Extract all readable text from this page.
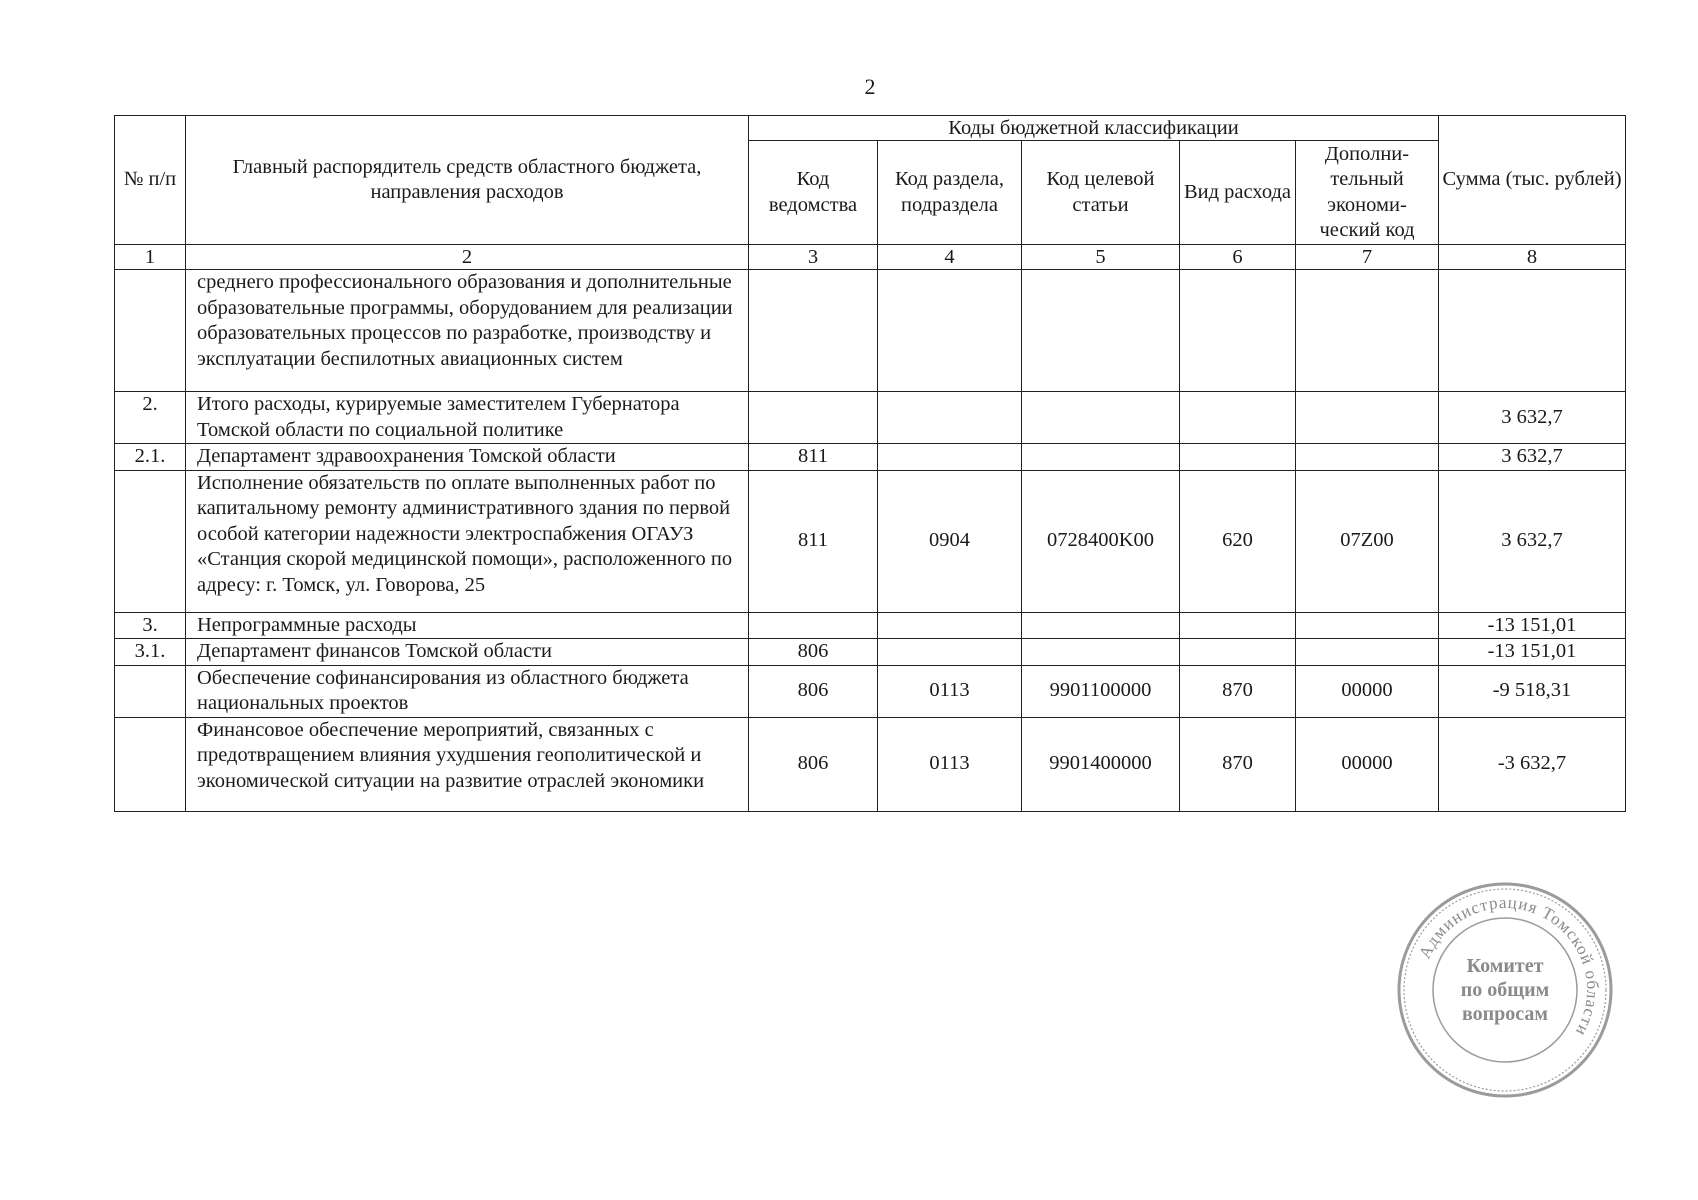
2
№ п/п	Главный распорядитель средств областного бюджета, направления расходов	Коды бюджетной классификации					Сумма (тыс. рублей)
		Код ведомства	Код раздела, подраздела	Код целевой статьи	Вид расхода	Дополни-тельный экономи-ческий код	
1	2	3	4	5	6	7	8
	среднего профессионального образования и дополнительные образовательные программы, оборудованием для реализации образовательных процессов по разработке, производству и эксплуатации беспилотных авиационных систем						
2.	Итого расходы, курируемые заместителем Губернатора Томской области по социальной политике						3 632,7
2.1.	Департамент здравоохранения Томской области	811					3 632,7
	Исполнение обязательств по оплате выполненных работ по капитальному ремонту административного здания по первой особой категории надежности электроспабжения ОГАУЗ «Станция скорой медицинской помощи», расположенного по адресу: г. Томск, ул. Говорова, 25	811	0904	0728400K00	620	07Z00	3 632,7
3.	Непрограммные расходы						-13 151,01
3.1.	Департамент финансов Томской области	806					-13 151,01
	Обеспечение софинансирования из областного бюджета национальных проектов	806	0113	9901100000	870	00000	-9 518,31
	Финансовое обеспечение мероприятий, связанных с предотвращением влияния ухудшения геополитической и экономической ситуации на развитие отраслей экономики	806	0113	9901400000	870	00000	-3 632,7
Администрация Томской области
Комитет
по общим
вопросам
